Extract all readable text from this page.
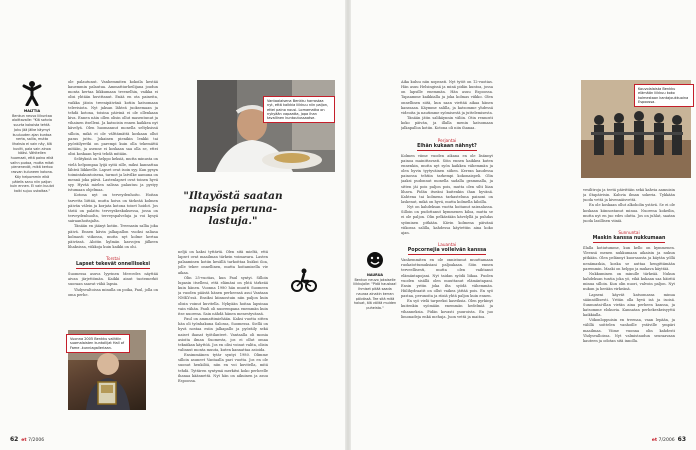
MALTTIA
Benkun neuvo liikuntaa aloittavalle: "Kiä sohvia suurta kokoista tehtä. Joku jää jälke käymyt kuuluuden ajan kuntoa nerta, sallia, mutta lihaksia ei vain näy, älä kuvitt, pala vain ainoa kääsi. Vähitellen huomaat, että paino eikä vaihn pudoa, mutta mitat pienenevät, mikä kertoo rasvan kuluneen kotona. Käy helpommin eikä pätelis sanu niin paljon kuin ennen. Ei vain kuulot kaiki sujuu uskaltaa."
ole palautunut. Vanhemmiten kokoila kestää kauemmin palautua. Ammattiurheilijana joudun monta kertaa liikkumaan treenelhin, vaikka ei olisi yhtään huvittanut. Enää en ota paineita, vaikka jäisin treenipäivänä kotiin katsomaan televisiota. Nyt jaksan lähteä juoksemaan ja tehdä kotona, toisina päivinä ei ole ollenkaan kiva. Ennen näin ollen olisin ollut masentunut ja vihainen itselleni. Ja katsoisin ennen kaikkea nyt kävelyä. Olen huomannut monella seltyksissä silloin, mikä ei ole välttämättä koskaan ollut paras juttu. Jokainen pienikin lenkki tai pyöräilyretki on parempi kuin olla tekemättä mitään, ja asenne ei koskaan saa olla se, ettei olisi koskaan hyvä tehdä mitään.
Selityksiä on helppo keksiä, mutta minusta on vielä helpompaa lyijä syitä sille, miksi kannattaa lähteä liikkeelle. Lapset ovat isoin syy. Kun pysyn toimintakuntoisena, tarmot ja latvilke aamuna on mennä joka päivä. Lastenlapset ovat toinen hyvä syy. Hyvää mielen salissa palautuu ja pystyy istumaan ohjelmaa.
Kotona nyt on terveydenhoito. Hoitan tarvetta liittää, mutta hoiva on tärkeää kolmen päivän välein ja korjata kotona toiset hoidot. Jos tästä on palattu terveyskeskuksessa, jossa on terveydenhuolta, terveyspalveluja ja voi kysyä sairaanhoitajalta.
Tänään en jäänyt kotiin. Treenasin sallia joka päivä. Ennen kävin jalkapallon vuoksi saliasa kolmasti viikossa, mutta nyt kolme kertaa päivässä. Aloitin kylmän kasvojen jälkeen lihaksissa, viikkoja kuin kaikki on ohi.
Torstai
Lapset tekevät onnelliseksi
Suomessa asuva lyyrinen Mercedes näyttää aivan järjettömän. Kaikki ainut tuotemerkit suoraan saavat vähä lapsia.
Yhdysvaltoissa minulla on poika, Paul, jolla on oma perhe.
Vuonna 2005 Benkku valittiin suomalaisten kuntoilijat Hall of Fame -kunniagalleriaan.
Vantaalaisena Benkku harrastaa nyt, että kalkkia liikkuu niin paljon, ettei paino nousi. Lomamatka on nykyään vapaatta, jopa ihan tavallinen kuntoutussaatse.
"Iltayöstä saatan napsia perunalastuja."
neljä on kaksi tyttärtä. Olen sitä mieltä, että lapset ovat maailman tärkein voimavara. Lasten palaaminen kotiin kesällä tarkoittaa lisäksi iloa, jolle tekee onnellinen, mutta hoitamisella vie aikaa.
Olin 25-vuotias, kun Paul syntyi. Silloin lupasin itselleni, että elämäni on yhtä tärkeää kuin hänen. Vuonna 1980 hän muutti Suomeen ja vuoden päästä hänen perheensä asui Vantaan NMKY:ssä. Ensiksi kiinnostuin niin paljon kuin olisin voinut kuvitella. Nykyään hoitaa lapsinaa vain vähän. Pauli oli nuorempana enemmän kuin itse nuorena. Sain nähdä hänen menestyvänsä.
Paul on ammattimiehään. Kaksi vuotta sitten hän oli työnhakuna Salossa, Suomessa. Siellä on hyvä nostaa esiin jalkapallo ja pyöräily sekä naiset ihanat työtilanteet. Vantaalla oli monia asioita ilman Suomesta, jos ei ollut omaa tekniikan käyttöä. Jos en olisi voinut valita, olisin valinnut monta muuta, kuten kannattaa asioida.
Ensimmäinen tytär syntyi 1980. Olimme silloin asuneet Vantaalla pari vuotta. Jos en ole suonut henkilöä, niin en voi kuvitella, mitä tehdä. Tyttären syntymä merkitsi koko perheelle ihanaa käännettä. Nyt hän on aikuinen ja asuu Espoossa.
62 et 7/2006
Aika kuluu niin nopeasti. Nyt tytöt on 12-vuotias. Hän asuu Helsingissä ja minä pidän kuntoa, jossa on lapsille enemmän. Hän asuu Espoossa. Tapaamme kaikkialla ja joka kolmas viikko. Olen onnellinen siitä, kun saan viettää aikaa hänen kanssaan. Käymme salilla, ja katsomme yhdessä videoita ja nautimme syömisestä ja juttelemisesta.
Tänään jätin salikäynnin väliin. Otin rennosti koko päivän, ja illalla menin katsomaan jalkapalloa kotiin. Kotona oli niin ihanaa.
Perjantai
Elhän kukaan nähnyt?
Kolmen viime vuoden aikana en ole lisännyt painoa mainittavasti. Söin ennen kaikkea kuten ennenkin, mutta nyt syön kaikkea vähemmän ja olen hyvin tyytyväinen siihen. Kerran kaudessa painossa tehtiin tarkempi kokonaispeli. Olin jaaksi pudonnut monella sadalla grammalla, ja sitten jäi pois paljon pois, mutta olen silti liian lihava. Pidän itseäni kuitenkin ihan hyvänä. Kahtena tai kolmena tarkasteluna painoni on laskenut, mikä on hyvä, mutta kolmella kiloilla.
Nyt on kahdeksan vuotta hoitanut sairaalassa. Silloin on pudottanut kymmenen kiloa, mutta se ei ole paljon. Olin pelkästään kävelyllä ja puhdas syöminen pitkään. Kävin kolmena päivänä viikossa salilla, kahdessa käytettiin aina koko ajan.
Lauantai
Popcornejia voileivän kanssa
Vanhemmiten en ole onnistunut muuttamaan ruokatottumuksiani paljoakaan. Söin ennen terveellisesti, mutta olen vaihtanut elämäntapojani. Nyt taidan syödä liikaa. Puolen vuoden sisällä olen muuttanut elämäntapani. Ensin yritin joka ilta syödä vähemmän. Hiilihydraatit on ollut vaikea jättää pois. En syö pastaa, perunoita ja riisiä yhtä paljon kuin ennen.
En syö vielä tarpeeksi kasviksia. Olen pyrkinyt kuitenkin syömään enemmän hedelmiä ja vihanneksia. Pidän kovasti puuroista. En juo limonadeja enkä mehuja. Juon vettä ja maitoa.
NAURUA
Benkun neuvo jokaiselle liikkujalle: "Pidä hauskaa! Ihmiset pitää saada nauraa ainakin kerran päivässä. Tee sitä mitä haluat, älä välitä muiden puheista."
Kouvolalaista Benkku elämään liikkuu koko kolmestaan kantajoukkuoina Espoossa.
vesilitroja ja teetä päivittäin sekä kahvia aamuisin ja iltapäivisin. Kahvia ilman sokeria. Tykkään juoda vettä ja kivennäisvettä.
En ole koskaan ollut alkoholin ystävä. Se ei ole koskaan kiinnostanut minua. Nuorena kokeilin, mutta nyt en juo edes olutta. Jos on juhlat, saatan juoda lasillisen viiniä.
Sunnuntai
Maskin kanssa nukkumaan
Illalla kotiutumme, kun kello on kymmenen. Yleensä menen nukkumaan aikaisin ja nukun pitkään. Olen pelännyt kuorsausta ja käytän yöllä nenämaskia, koska se auttaa hengittämään paremmin. Maski on helppo ja mukava käyttää.
Nukkuminen on minulle tärkeää. Nukun kahdeksan tuntia joka yö, eikä kukaan saa häiritä minua silloin. Kun olin nuori, valvoin paljon. Nyt nukun ja herään virkeänä.
Lapseni käyvät katsomassa minua säännöllisesti. Yritän olla hyvä isä ja isoisä. Sunnuntai-illan vietän aina perheen kanssa, ja katsomme elokuvia. Kannatan perhekeskeisyyttä kaikkialla.
Viikonloppuisin en treenaa, vaan lepään, ja välillä soittelen vanhoille ystäville ympäri maailmaa. Viime vuonna olin kahdesti Yhdysvalloissa. Nyt valmistaudun seuraavaan kauteen ja odotan sitä innolla.
et 7/2006 63
